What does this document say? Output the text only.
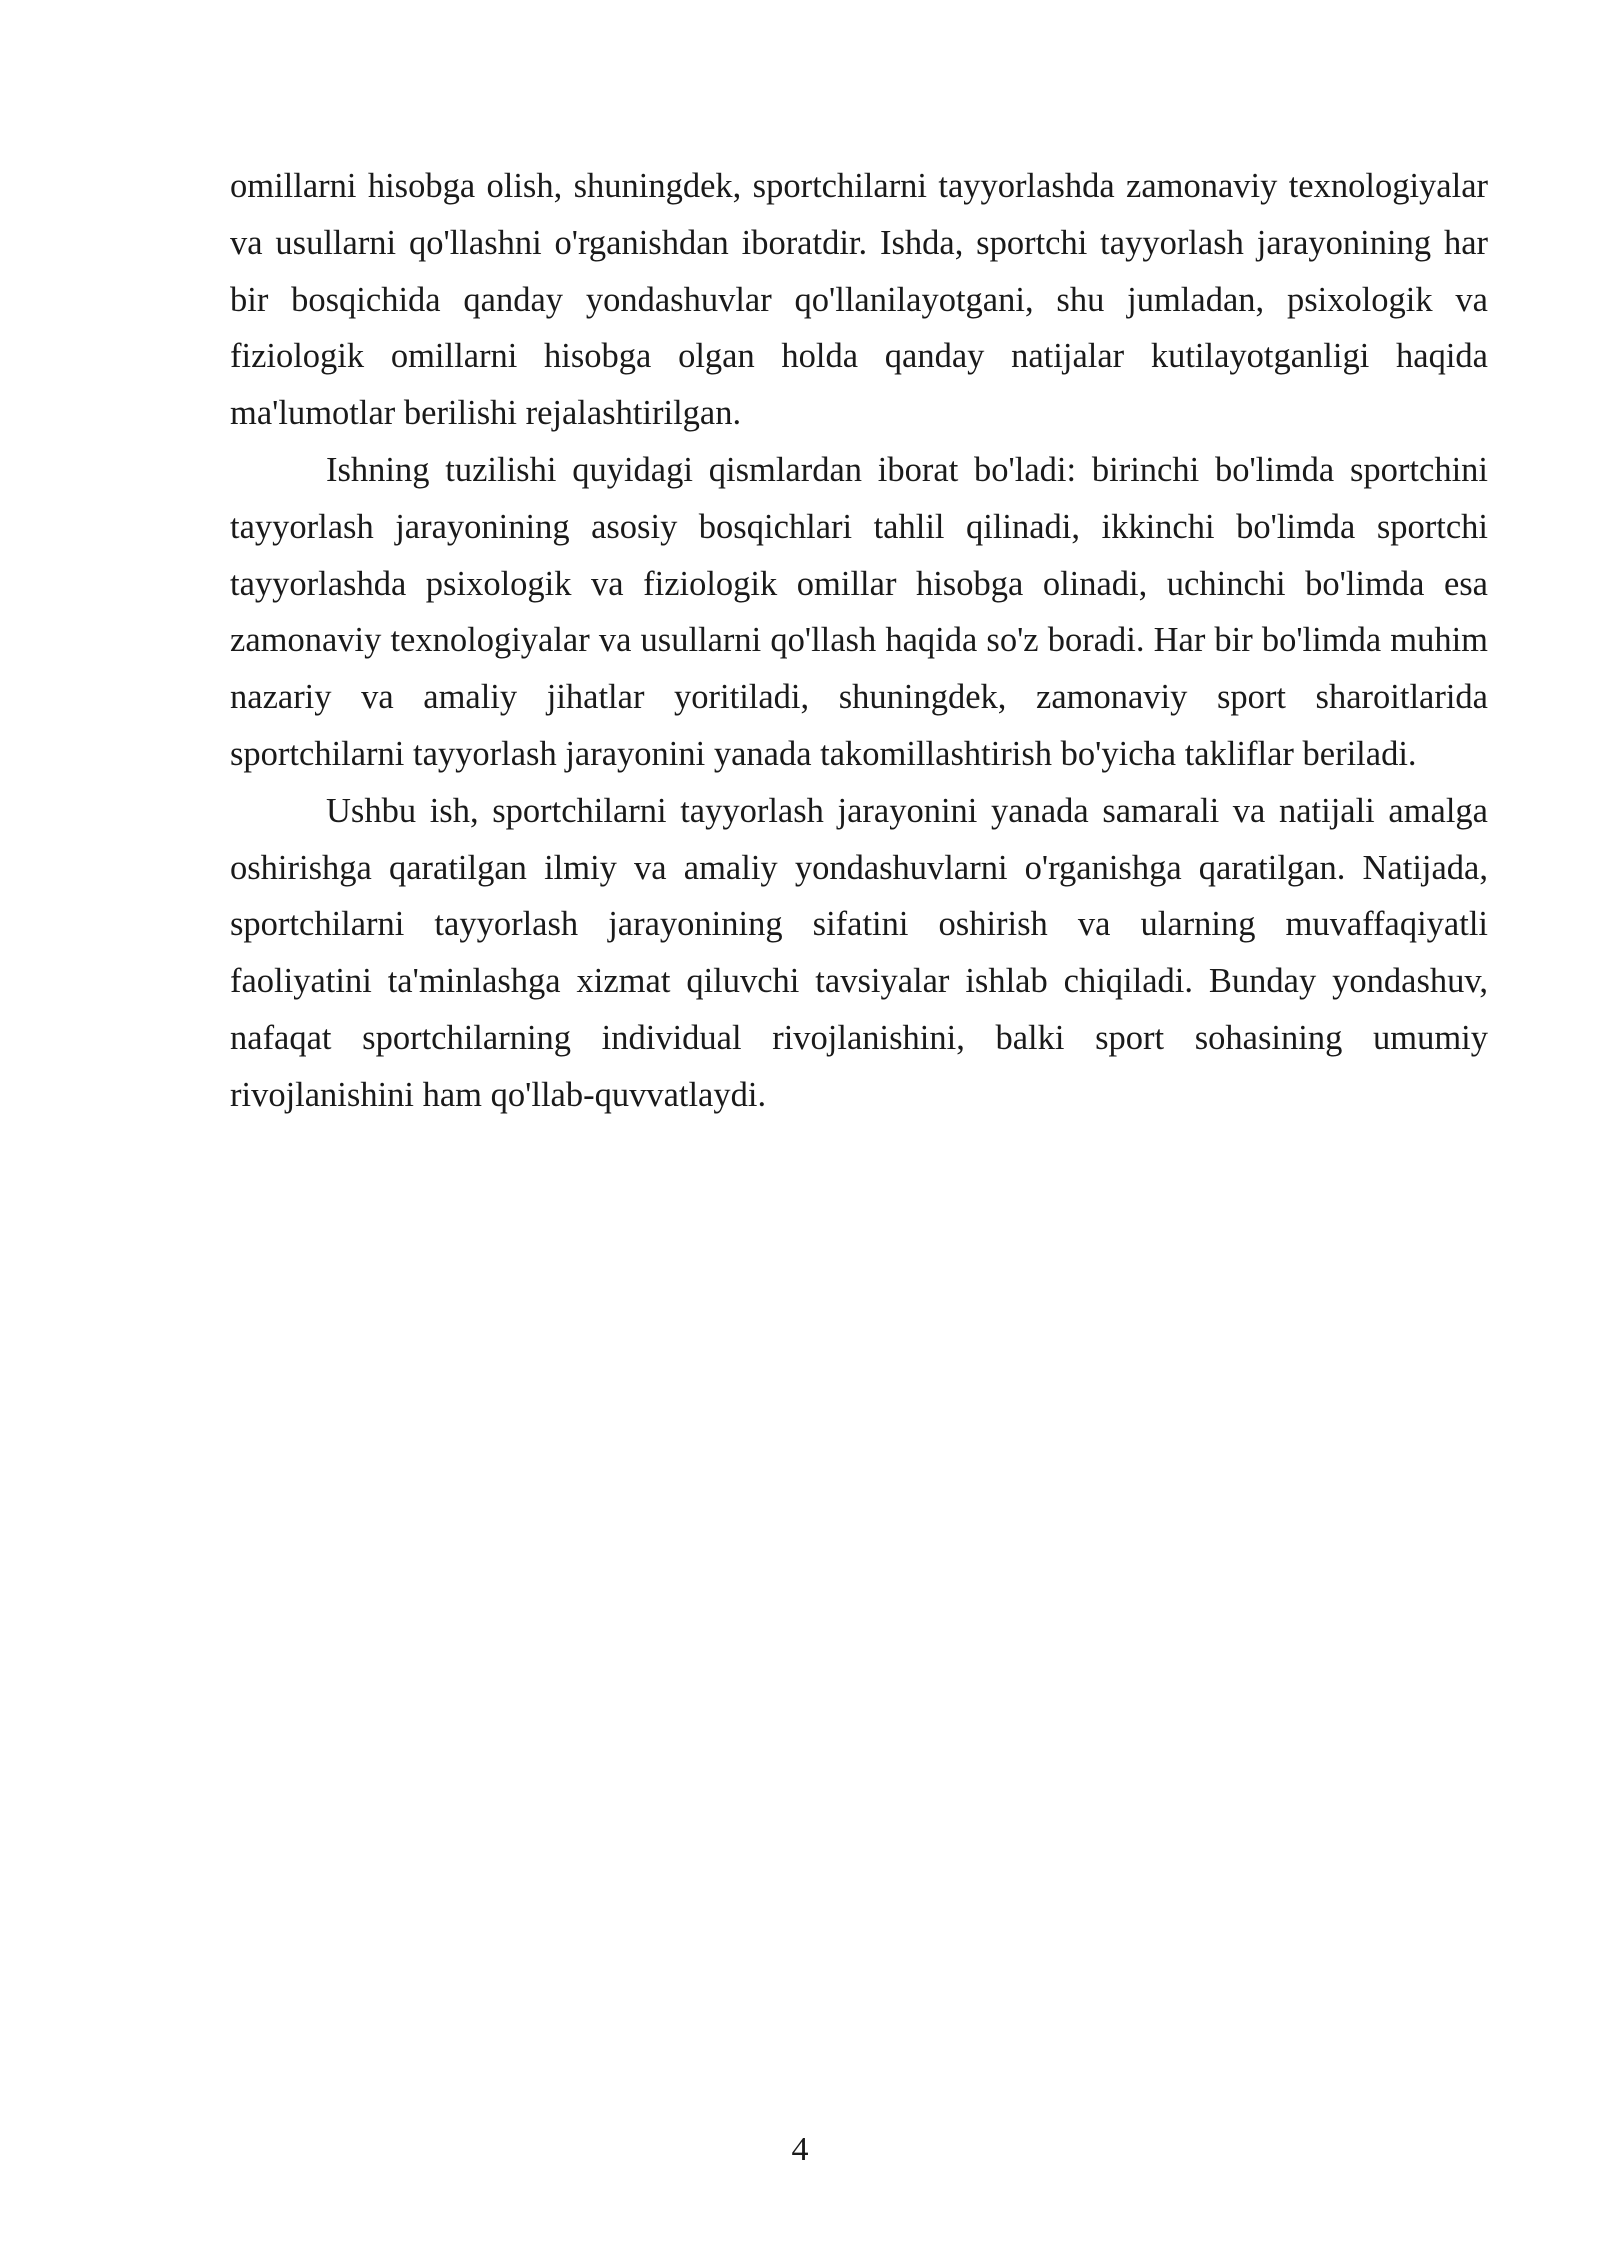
omillarni hisobga olish, shuningdek, sportchilarni tayyorlashda zamonaviy texnologiyalar va usullarni qo'llashni o'rganishdan iboratdir. Ishda, sportchi tayyorlash jarayonining har bir bosqichida qanday yondashuvlar qo'llanilayotgani, shu jumladan, psixologik va fiziologik omillarni hisobga olgan holda qanday natijalar kutilayotganligi haqida ma'lumotlar berilishi rejalashtirilgan.

Ishning tuzilishi quyidagi qismlardan iborat bo'ladi: birinchi bo'limda sportchini tayyorlash jarayonining asosiy bosqichlari tahlil qilinadi, ikkinchi bo'limda sportchi tayyorlashda psixologik va fiziologik omillar hisobga olinadi, uchinchi bo'limda esa zamonaviy texnologiyalar va usullarni qo'llash haqida so'z boradi. Har bir bo'limda muhim nazariy va amaliy jihatlar yoritiladi, shuningdek, zamonaviy sport sharoitlarida sportchilarni tayyorlash jarayonini yanada takomillashtirish bo'yicha takliflar beriladi.

Ushbu ish, sportchilarni tayyorlash jarayonini yanada samarali va natijali amalga oshirishga qaratilgan ilmiy va amaliy yondashuvlarni o'rganishga qaratilgan. Natijada, sportchilarni tayyorlash jarayonining sifatini oshirish va ularning muvaffaqiyatli faoliyatini ta'minlashga xizmat qiluvchi tavsiyalar ishlab chiqiladi. Bunday yondashuv, nafaqat sportchilarning individual rivojlanishini, balki sport sohasining umumiy rivojlanishini ham qo'llab-quvvatlaydi.

4
